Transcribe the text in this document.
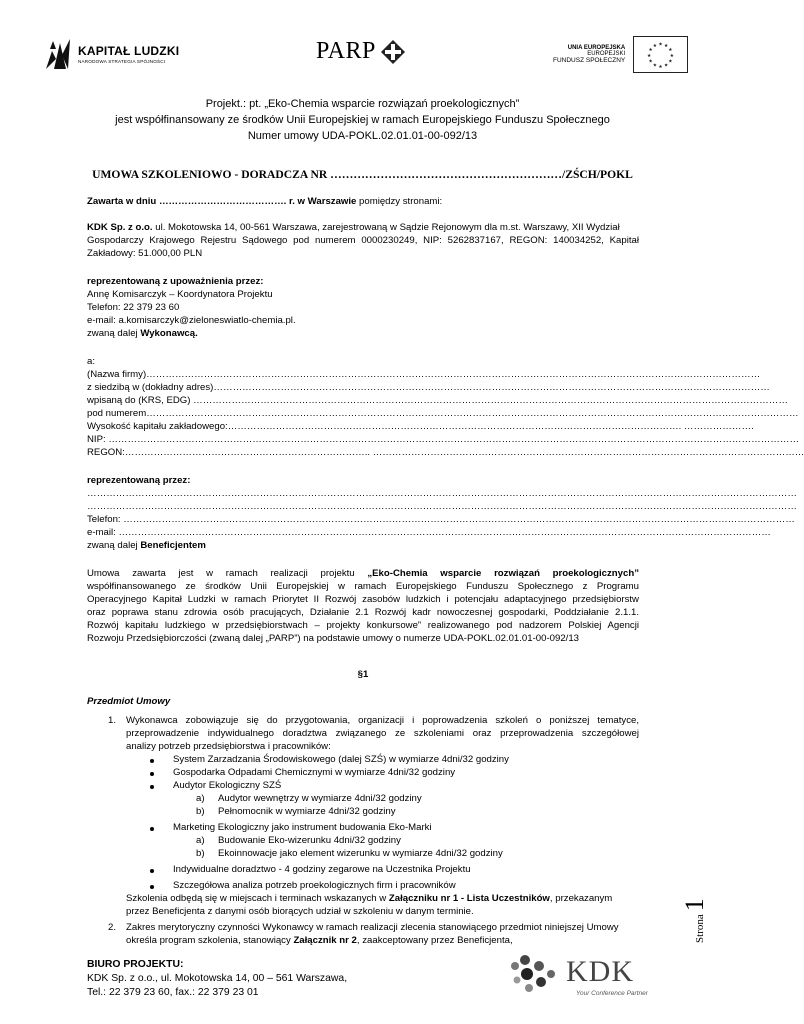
KAPITAŁ LUDZKI
NARODOWA STRATEGIA SPÓJNOŚCI	PARP	UNIA EUROPEJSKA
EUROPEJSKI
FUNDUSZ SPOŁECZNY
★ ★
★
★
★
★
★
★
★
★
★
★
Projekt.: pt. „Eko-Chemia wsparcie rozwiązań proekologicznych”
jest współfinansowany ze środków Unii Europejskiej w ramach Europejskiego Funduszu Społecznego
Numer umowy UDA-POKL.02.01.01-00-092/13
UMOWA SZKOLENIOWO - DORADCZA NR ……………………………………………………/ZŚCH/POKL
Zawarta w dniu …………………………………. r. w Warszawie pomiędzy stronami:
KDK Sp. z o.o. ul. Mokotowska 14, 00-561 Warszawa, zarejestrowaną w Sądzie Rejonowym dla m.st. Warszawy, XII Wydział
Gospodarczy Krajowego Rejestru Sądowego pod numerem 0000230249, NIP: 5262837167, REGON: 140034252, Kapitał
Zakładowy: 51.000,00 PLN
reprezentowaną z upoważnienia przez:
Annę Komisarczyk – Koordynatora Projektu
Telefon: 22 379 23 60
e-mail: a.komisarczyk@zieloneswiatlo-chemia.pl.
zwaną dalej Wykonawcą.
a:
(Nazwa firmy)…………………………………………………………………………………………………………………………………………………………………………
z siedzibą w (dokładny adres)…………………………………………………………………………………………………………………………………………………………
wpisaną do (KRS, EDG) ……………………………………………………………………………………………………………………………………………………………………
pod numerem……………………………………………………………………………………………………………………………………………………………………………………
Wysokość kapitału zakładowego:……………………………………………………………………………………………………………………………. ………………….
NIP: ………………………………………………………………………………………………………………………………………………………………………………………………
REGON:………………………………………………………………….. ………………………………………………………………………………………………………………………
reprezentowaną przez:
……………………………………………………………………………………………………………………………………………………………………………………………………
……………………………………………………………………………………………………………………………………………………………………………………………………
Telefon: …………………………………………………………………………………………………………………………………………………………………………………………
e-mail: ……………………………………………………………………………………………………………………………………………………………………………………
zwaną dalej Beneficjentem
Umowa zawarta jest w ramach realizacji projektu „Eko-Chemia wsparcie rozwiązań proekologicznych”
współfinansowanego ze środków Unii Europejskiej w ramach Europejskiego Funduszu Społecznego z Programu
Operacyjnego Kapitał Ludzki w ramach Priorytet II Rozwój zasobów ludzkich i potencjału adaptacyjnego przedsiębiorstw
oraz poprawa stanu zdrowia osób pracujących, Działanie 2.1 Rozwój kadr nowoczesnej gospodarki, Poddziałanie 2.1.1.
Rozwój kapitału ludzkiego w przedsiębiorstwach – projekty konkursowe” realizowanego pod nadzorem Polskiej Agencji
Rozwoju Przedsiębiorczości (zwaną dalej „PARP”) na podstawie umowy o numerze UDA-POKL.02.01.01-00-092/13
§1
Przedmiot Umowy
1. Wykonawca zobowiązuje się do przygotowania, organizacji i poprowadzenia szkoleń o poniższej tematyce,
przeprowadzenie indywidualnego doradztwa związanego ze szkoleniami oraz przeprowadzenia szczegółowej
analizy potrzeb przedsiębiorstwa i pracowników:
System Zarzadzania Środowiskowego (dalej SZŚ) w wymiarze 4dni/32 godziny
Gospodarka Odpadami Chemicznymi w wymiarze 4dni/32 godziny
Audytor Ekologiczny SZŚ
a) Audytor wewnętrzy w wymiarze 4dni/32 godziny
b) Pełnomocnik w wymiarze 4dni/32 godziny
Marketing Ekologiczny jako instrument budowania Eko-Marki
a) Budowanie Eko-wizerunku 4dni/32 godziny
b) Ekoinnowacje jako element wizerunku w wymiarze 4dni/32 godziny
Indywidualne doradztwo - 4 godziny zegarowe na Uczestnika Projektu
Szczegółowa analiza potrzeb proekologicznych firm i pracowników
Szkolenia odbędą się w miejscach i terminach wskazanych w Załączniku nr 1 - Lista Uczestników, przekazanym
przez Beneficjenta z danymi osób biorących udział w szkoleniu w danym terminie.
2. Zakres merytoryczny czynności Wykonawcy w ramach realizacji zlecenia stanowiącego przedmiot niniejszej Umowy
określa program szkolenia, stanowiący Załącznik nr 2, zaakceptowany przez Beneficjenta,	Strona1
BIURO PROJEKTU:
KDK Sp. z o.o., ul. Mokotowska 14, 00 – 561 Warszawa,
Tel.: 22 379 23 60, fax.: 22 379 23 01
KDK
Your Conference Partner
